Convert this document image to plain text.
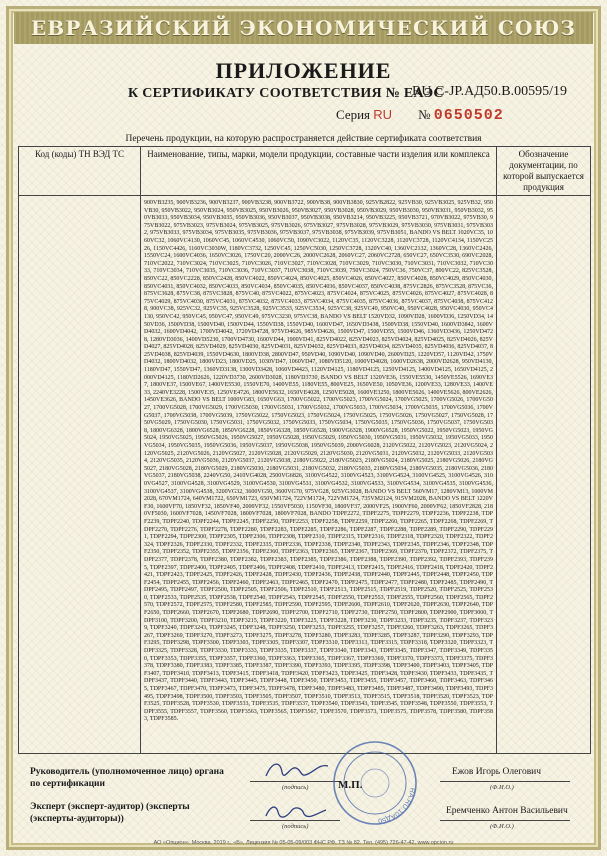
ЕВРАЗИЙСКИЙ ЭКОНОМИЧЕСКИЙ СОЮЗ
ПРИЛОЖЕНИЕ
К СЕРТИФИКАТУ СООТВЕТСТВИЯ № ЕАЭС
RU С-JP.АД50.В.00595/19
Серия RU № 0650502
Перечень продукции, на которую распространяется действие сертификата соответствия
Код (коды) ТН ВЭД ТС	Наименование, типы, марки, модели продукции, составные части изделия или комплекса	Обозначение документации, по которой выпускается продукция
	900VB3235, 900VB3236, 900VB3237, 900VB3238, 900VB3722, 900VB38, 900VB3830, 925VB2822, 925VB30, 925VB3025, 925VB32, 950VB30, 950VB3022, 950VB3024, 950VB3025, 950VB3026, 950VB3027, 950VB3028, 950VB3029, 950VB3030, 950VB3031, 950VB3032, 950VB3033, 950VB3034, 950VB3035, 950VB3036, 950VB3037, 950VB3038, 950VB3214, 950VB3225, 950VB3721, 970VB3022, 975VB30, 975VB3022, 975VB3023, 975VB3024, 975VB3025, 975VB3026, 975VB3027, 975VB3028, 975VB3029, 975VB3030, 975VB3031, 975VB3032, 975VB3033, 975VB3034, 975VB3035, 975VB3036, 975VB3037, 975VB3038, 975VB3039, 975VB3051, BANDO VS BELT 1020VC35, 1060VC32, 1060VC4130, 1060VC45, 1060VC4530, 1060VC50, 1090VC3022, 1120VC35, 1120VC3228, 1120VC3728, 1120VC4134, 1150VC2526, 1150VC4426, 1160VC3030W, 1180VC3732, 1250VC45, 1250VC5030, 1250VC3728, 1320VC40, 1360VC2132, 1360VC28, 1360VC2426, 1550VC24, 1600VC4036, 1650VC3026, 1750VC20, 2000VC26, 2000VC2628, 2060VC27, 2060VC2728, 650VC27, 650VC3530, 690VC2028, 710VC2022, 710VC3024, 710VC3025, 710VC3026, 710VC3027, 710VC3028, 710VC3029, 710VC3030, 710VC3031, 710VC3032, 710VC3033, 710VC3034, 710VC3035, 710VC3036, 710VC3037, 710VC3038, 710VC3039, 750VC3024, 750VC36, 750VC37, 800VC22, 825VC3528, 850VC22, 850VC2228, 850VC2428, 850VC4022, 850VC4024, 850VC4025, 850VC4026, 850VC4027, 850VC4028, 850VC4029, 850VC4030, 850VC4031, 850VC4032, 850VC4033, 850VC4034, 850VC4035, 850VC4036, 850VC4037, 850VC4038, 875VC2826, 875VC3528, 875VC36, 875VC3628, 875VC38, 875VC3828, 875VC40, 875VC4022, 875VC4023, 875VC4024, 875VC4025, 875VC4026, 875VC4027, 875VC4028, 875VC4029, 875VC4030, 875VC4031, 875VC4032, 875VC4033, 875VC4034, 875VC4035, 875VC4036, 875VC4037, 875VC4038, 875VC4128, 900VC38, 925VC32, 925VC35, 925VC3528, 925VC3533, 925VC3534, 925VC38, 925VC40, 950VC40, 950VC4028, 950VC4030, 950VC4130, 950VC42, 950VC45, 950VC47, 950VC49, 975VC3230, 975VC38, BANDO VS BELT 1520VD32, 1090VD28, 1600VD36, 1250VD34, 1450VD36, 1500VD38, 1500VD40, 1500VD44, 1550VD38, 1550VD40, 1600VD47, 1650VD3438, 1500VD38, 1550VD40, 1600VD3842, 1600VD4032, 1600VD4042, 1700VD4042, 1720VD4728, 975VD4626, 985VD4626, 1500VD47, 1500VD55, 1500VD46, 1360VD3436, 1250VD4728, 1280VD3036, 1400VD5230, 1700VD4730, 1600VD44, 1900VD41, 825VD4022, 825VD4023, 825VD4024, 825VD4025, 825VD4026, 825VD4027, 825VD4028, 825VD4029, 825VD4030, 825VD4031, 825VD4032, 825VD4033, 825VD4034, 825VD4035, 825VD4036, 825VD4037, 825VD4038, 825VD4039, 1550VD4630, 1800VD38, 2800VD47, 950VD40, 1090VD40, 1090VD40, 2600VD25, 1220VD57, 1120VD42, 1750VD4032, 1800VD4032, 1800VD23, 1800VD25, 1030VD47, 1060VD47, 1080VD5120, 1000VD4028, 1600VD2638, 2000VD2628, 950VD4130, 1180VD47, 1550VD47, 1360VD3138, 1300VD3428, 1060VD4423, 1120VD4125, 1180VD4125, 1250VD4125, 1400VD4125, 1650VD4125, 2000VD4125, 1180VD2626, 1220VD3730, 2600VD3028, 1180VD3730, BANDO VS BELT 1320VE36, 1550VE5530, 1450VE5526, 1690VE37, 1800VE37, 1500VE67, 1400VE5530, 1550VE70, 1400VE55, 1180VE55, 800VE25, 1650VE50, 1050VE36, 1200VE33, 1280VE33, 1400VE33, 2240VE3228, 1500VE35, 1250VE4726, 1800VE5632, 1650VE4028, 1250VE5028, 1600VE3250, 1800VE5626, 1400VE5626, 800VE2626, 1450VE3626, BANDO VS BELT 1000VG83, 1650VG63, 1700VG5022, 1700VG5023, 1700VG5024, 1700VG5025, 1700VG5026, 1700VG5027, 1700VG5028, 1700VG5029, 1700VG5030, 1700VG5031, 1700VG5032, 1700VG5033, 1700VG5034, 1700VG5035, 1700VG5036, 1700VG5037, 1700VG5038, 1700VG5039, 1750VG5022, 1750VG5023, 1750VG5024, 1750VG5025, 1750VG5026, 1750VG5027, 1750VG5028, 1750VG5029, 1750VG5030, 1750VG5031, 1750VG5032, 1750VG5033, 1750VG5034, 1750VG5035, 1750VG5036, 1750VG5037, 1750VG5038, 1800VG6328, 1800VG6528, 1850VG6228, 1850VG6328, 1850VG6528, 1900VG6328, 1900VG6528, 1950VG5022, 1950VG5023, 1950VG5024, 1950VG5025, 1950VG5026, 1950VG5027, 1950VG5028, 1950VG5029, 1950VG5030, 1950VG5031, 1950VG5032, 1950VG5033, 1950VG5034, 1950VG5035, 1950VG5036, 1950VG5037, 1950VG5038, 1950VG5039, 2000VG6028, 2120VG5022, 2120VG5023, 2120VG5024, 2120VG5025, 2120VG5026, 2120VG5027, 2120VG5028, 2120VG5029, 2120VG5030, 2120VG5031, 2120VG5032, 2120VG5033, 2120VG5034, 2120VG5035, 2120VG5036, 2120VG5037, 2120VG5038, 2180VG5022, 2180VG5023, 2180VG5024, 2180VG5025, 2180VG5026, 2180VG5027, 2180VG5028, 2180VG5029, 2180VG5030, 2180VG5031, 2180VG5032, 2180VG5033, 2180VG5034, 2180VG5035, 2180VG5036, 2180VG5037, 2180VG5038, 2240VG50, 2410VG4028, 2500VG6826, 3100VG4522, 3100VG4523, 3100VG4524, 3100VG4525, 3100VG4526, 3100VG4527, 3100VG4528, 3100VG4529, 3100VG4530, 3100VG4531, 3100VG4532, 3100VG4533, 3100VG4534, 3100VG4535, 3100VG4536, 3100VG4537, 3100VG4538, 3200VG32, 3600VG50, 3600VG70, 975VG28, 925VG3028, BANDO VS BELT 560VM17, 1280VM13, 1000VM2028, 670VM1724, 640VM1722, 650VM1723, 650VM1724, 722VM1724, 722VM1724, 735VM2124, 915VM2028, BANDO VS BELT 1220VF30, 1600VF70, 1850VF32, 1850VF40, 2000VF32, 1550VF5030, 1150VF30, 1800VF37, 2000VF25, 1900VF60, 2000VF62, 1850VF2828, 2180VF5030, 1600VF7028, 1450VF7028, 1800VF7028, 1800VF7028, BANDO TDPF2272, TDPF2275, TDPF2279, TDPF2236, TDPF2238, TDPF2239, TDPF2240, TDPF2244, TDPF2245, TDPF2250, TDPF2253, TDPF2258, TDPF2259, TDPF2260, TDPF2265, TDPF2268, TDPF2269, TDPF2270, TDPF2276, TDPF2278, TDPF2280, TDPF2283, TDPF2285, TDPF2286, TDPF2287, TDPF2288, TDPF2289, TDPF2290, TDPF2291, TDPF2294, TDPF2300, TDPF2305, TDPF2306, TDPF2308, TDPF2310, TDPF2315, TDPF2316, TDPF2318, TDPF2320, TDPF2322, TDPF2324, TDPF2326, TDPF2330, TDPF2332, TDPF2335, TDPF2336, TDPF2338, TDPF2340, TDPF2343, TDPF2345, TDPF2346, TDPF2348, TDPF2350, TDPF2352, TDPF2355, TDPF2356, TDPF2360, TDPF2363, TDPF2365, TDPF2367, TDPF2369, TDPF2370, TDPF2372, TDPF2375, TDPF2377, TDPF2378, TDPF2380, TDPF2382, TDPF2383, TDPF2385, TDPF2386, TDPF2388, TDPF2390, TDPF2392, TDPF2393, TDPF2395, TDPF2397, TDPF2400, TDPF2405, TDPF2406, TDPF2408, TDPF2410, TDPF2413, TDPF2415, TDPF2416, TDPF2418, TDPF2420, TDPF2421, TDPF2423, TDPF2425, TDPF2426, TDPF2428, TDPF2430, TDPF2436, TDPF2438, TDPF2440, TDPF2445, TDPF2448, TDPF2450, TDPF2454, TDPF2455, TDPF2456, TDPF2460, TDPF2463, TDPF2465, TDPF2470, TDPF2475, TDPF2477, TDPF2480, TDPF2485, TDPF2490, TDPF2495, TDPF2497, TDPF2500, TDPF2505, TDPF2506, TDPF2510, TDPF2513, TDPF2515, TDPF2519, TDPF2520, TDPF2525, TDPF2530, TDPF2533, TDPF2535, TDPF2538, TDPF2540, TDPF2543, TDPF2545, TDPF2550, TDPF2553, TDPF2555, TDPF2560, TDPF2565, TDPF2570, TDPF2572, TDPF2575, TDPF2580, TDPF2585, TDPF2590, TDPF2595, TDPF2600, TDPF2610, TDPF2620, TDPF2630, TDPF2640, TDPF2650, TDPF2660, TDPF2670, TDPF2680, TDPF2690, TDPF2700, TDPF2710, TDPF2730, TDPF2750, TDPF2800, TDPF2900, TDPF3000, TDPF3100, TDPF3200, TDPF3210, TDPF3215, TDPF3220, TDPF3225, TDPF3228, TDPF3230, TDPF3233, TDPF3235, TDPF3237, TDPF3239, TDPF3240, TDPF3243, TDPF3245, TDPF3248, TDPF3250, TDPF3253, TDPF3255, TDPF3257, TDPF3260, TDPF3263, TDPF3265, TDPF3267, TDPF3269, TDPF3270, TDPF3273, TDPF3275, TDPF3278, TDPF3280, TDPF3283, TDPF3285, TDPF3287, TDPF3290, TDPF3293, TDPF3295, TDPF3298, TDPF3300, TDPF3303, TDPF3305, TDPF3307, TDPF3310, TDPF3313, TDPF3315, TDPF3318, TDPF3320, TDPF3323, TDPF3325, TDPF3328, TDPF3330, TDPF3333, TDPF3335, TDPF3337, TDPF3340, TDPF3343, TDPF3345, TDPF3347, TDPF3349, TDPF3350, TDPF3353, TDPF3355, TDPF3357, TDPF3360, TDPF3363, TDPF3365, TDPF3367, TDPF3369, TDPF3370, TDPF3373, TDPF3375, TDPF3378, TDPF3380, TDPF3383, TDPF3385, TDPF3387, TDPF3390, TDPF3393, TDPF3395, TDPF3398, TDPF3400, TDPF3403, TDPF3405, TDPF3407, TDPF3410, TDPF3413, TDPF3415, TDPF3418, TDPF3420, TDPF3423, TDPF3425, TDPF3428, TDPF3430, TDPF3433, TDPF3435, TDPF3437, TDPF3440, TDPF3443, TDPF3445, TDPF3448, TDPF3450, TDPF3453, TDPF3455, TDPF3457, TDPF3460, TDPF3463, TDPF3465, TDPF3467, TDPF3470, TDPF3473, TDPF3475, TDPF3478, TDPF3480, TDPF3483, TDPF3485, TDPF3487, TDPF3490, TDPF3493, TDPF3495, TDPF3498, TDPF3500, TDPF3503, TDPF3505, TDPF3507, TDPF3510, TDPF3513, TDPF3515, TDPF3518, TDPF3520, TDPF3523, TDPF3525, TDPF3528, TDPF3530, TDPF3533, TDPF3535, TDPF3537, TDPF3540, TDPF3543, TDPF3545, TDPF3548, TDPF3550, TDPF3553, TDPF3555, TDPF3557, TDPF3560, TDPF3563, TDPF3565, TDPF3567, TDPF3570, TDPF3573, TDPF3575, TDPF3578, TDPF3580, TDPF3583, TDPF3585.	
Руководитель (уполномоченное лицо) органа по сертификации	(подпись)	М.П.
Ежов Игорь Олегович
(Ф.И.О.)
Эксперт (эксперт-аудитор) (эксперты (эксперты-аудиторы))
(подпись)
Еремченко Антон Васильевич
(Ф.И.О.)
RA.RU.10АД50
АО «Опцион», Москва, 2019 г., «Б», Лицензия № 05-05-09/003 ФНС РФ, ТЗ № 82. Тел. (495) 726-47-42, www.opcion.ru
